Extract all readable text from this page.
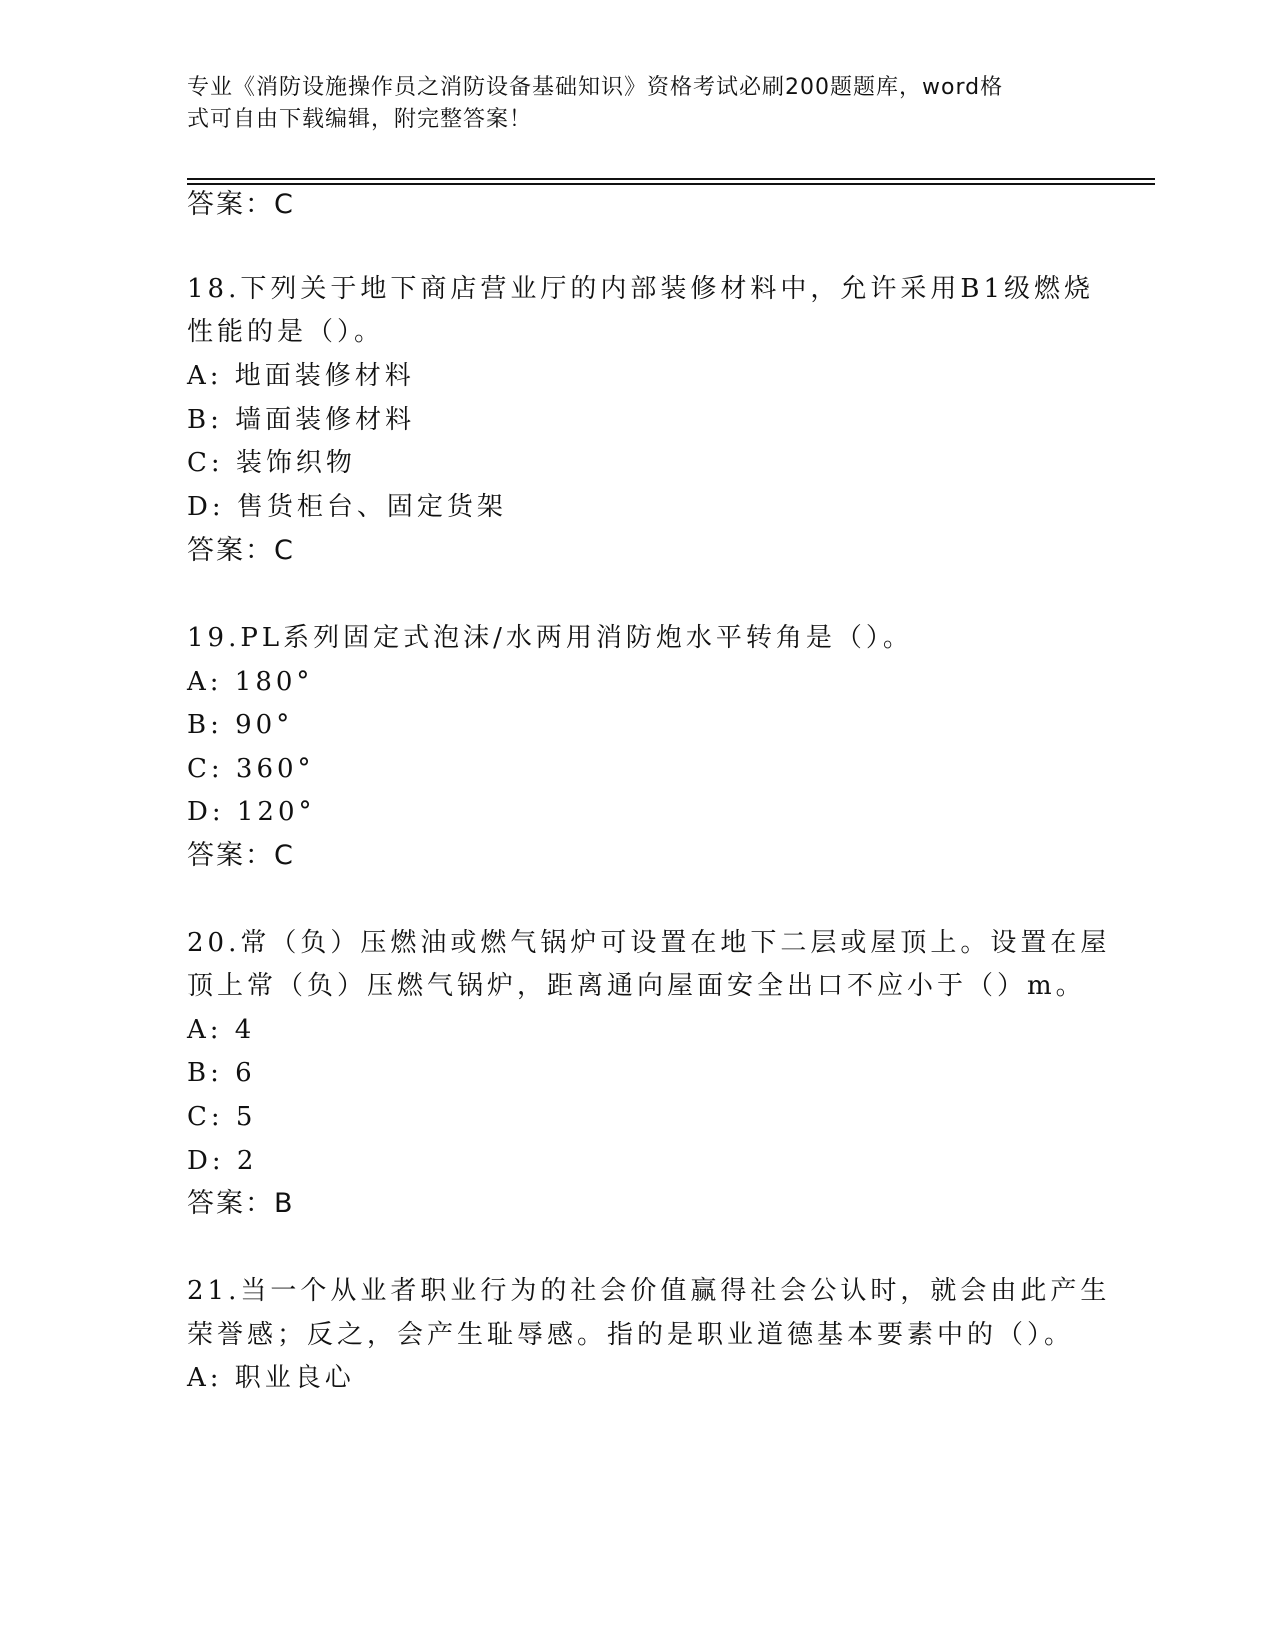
专业《消防设施操作员之消防设备基础知识》资格考试必刷200题题库，word格
式可自由下载编辑，附完整答案！
答案：C
18.下列关于地下商店营业厅的内部装修材料中，允许采用B1级燃烧
性能的是（）。
A: 地面装修材料
B: 墙面装修材料
C: 装饰织物
D: 售货柜台、固定货架
答案：C
19.PL系列固定式泡沫/水两用消防炮水平转角是（）。
A: 180°
B: 90°
C: 360°
D: 120°
答案：C
20.常（负）压燃油或燃气锅炉可设置在地下二层或屋顶上。设置在屋
顶上常（负）压燃气锅炉，距离通向屋面安全出口不应小于（）m。
A: 4
B: 6
C: 5
D: 2
答案：B
21.当一个从业者职业行为的社会价值赢得社会公认时，就会由此产生
荣誉感；反之，会产生耻辱感。指的是职业道德基本要素中的（）。
A: 职业良心
